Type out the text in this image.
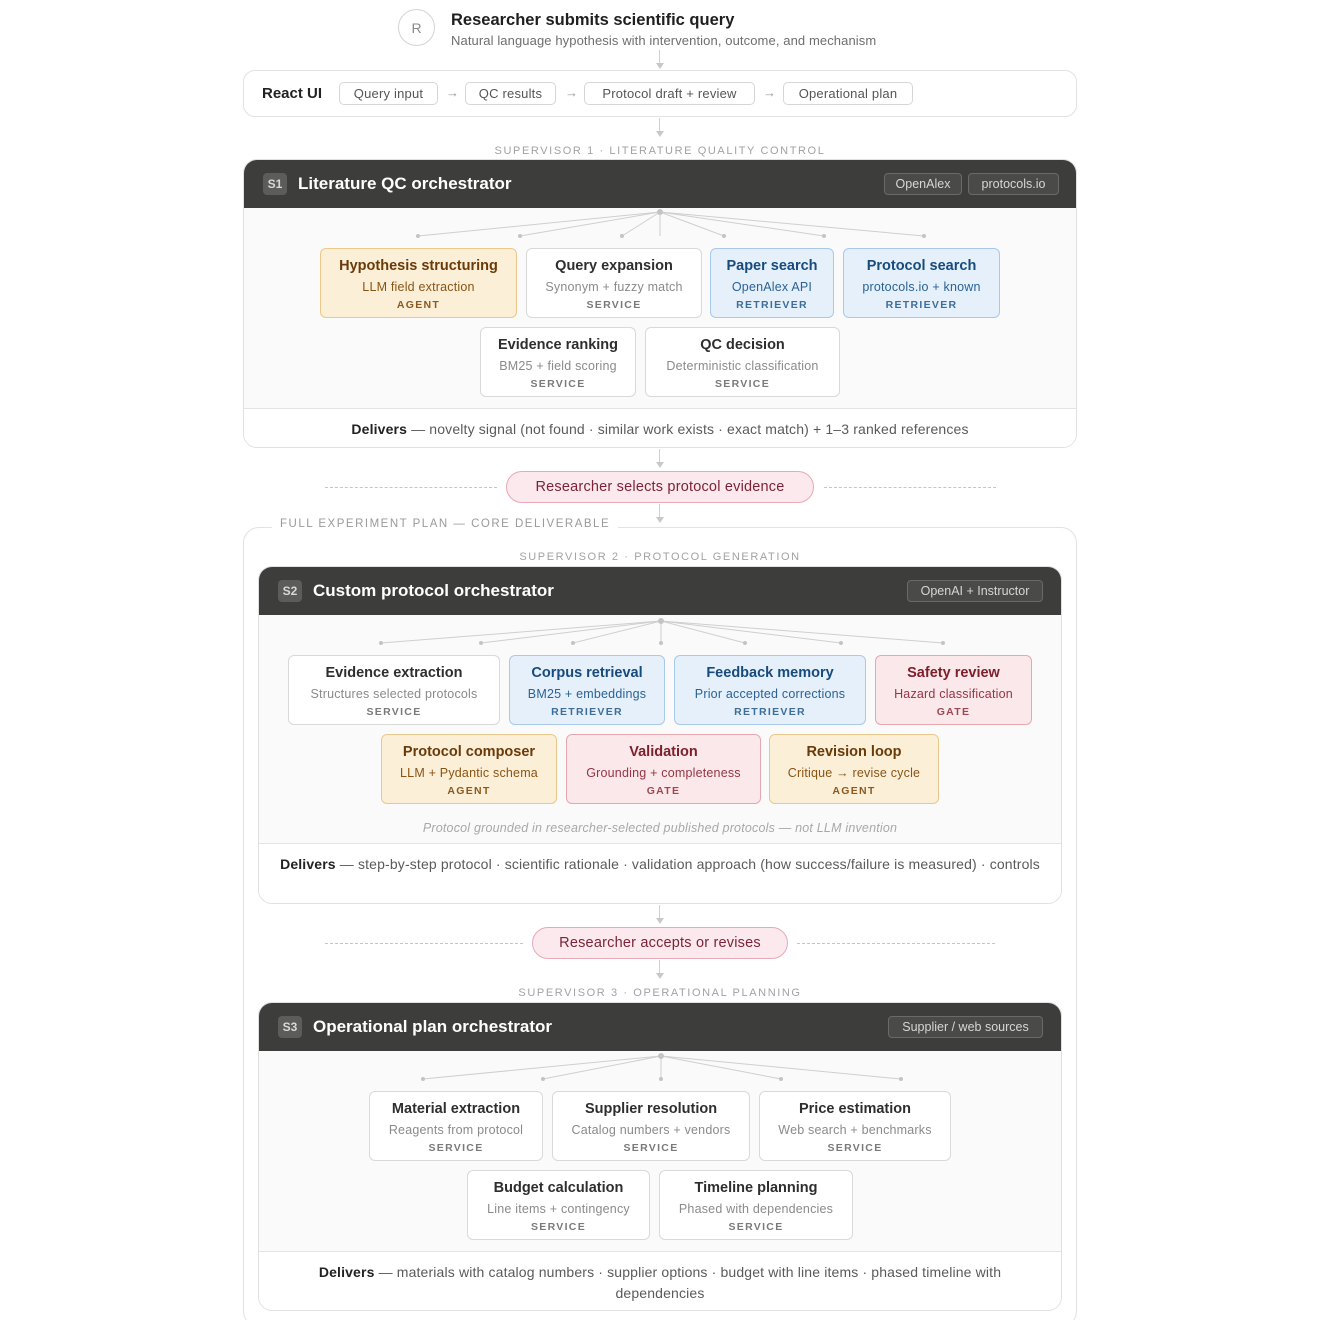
R	Researcher submits scientific query
Natural language hypothesis with intervention, outcome, and mechanism
React UI	Query input	→	QC results	→	Protocol draft + review	→	Operational plan
SUPERVISOR 1 · LITERATURE QUALITY CONTROL
S1 Literature QC orchestrator	OpenAlex	protocols.io
Delivers — novelty signal (not found · similar work exists · exact match) + 1–3 ranked references
Hypothesis structuring
LLM field extraction
AGENT
Query expansion
Synonym + fuzzy match
SERVICE
Paper search
OpenAlex API
RETRIEVER
Protocol search
protocols.io + known
RETRIEVER
Evidence ranking
BM25 + field scoring
SERVICE
QC decision
Deterministic classification
SERVICE
Researcher selects protocol evidence
FULL EXPERIMENT PLAN — CORE DELIVERABLE
SUPERVISOR 2 · PROTOCOL GENERATION
S2 Custom protocol orchestrator	OpenAI + Instructor
Protocol grounded in researcher-selected published protocols — not LLM invention
Delivers — step-by-step protocol · scientific rationale · validation approach (how success/failure is measured) · controls
Evidence extraction
Structures selected protocols
SERVICE
Corpus retrieval
BM25 + embeddings
RETRIEVER
Feedback memory
Prior accepted corrections
RETRIEVER
Safety review
Hazard classification
GATE
Protocol composer
LLM + Pydantic schema
AGENT
Validation
Grounding + completeness
GATE
Revision loop
Critique → revise cycle
AGENT
Researcher accepts or revises
SUPERVISOR 3 · OPERATIONAL PLANNING
S3 Operational plan orchestrator	Supplier / web sources
Delivers — materials with catalog numbers · supplier options · budget with line items · phased timeline with dependencies
Material extraction
Reagents from protocol
SERVICE
Supplier resolution
Catalog numbers + vendors
SERVICE
Price estimation
Web search + benchmarks
SERVICE
Budget calculation
Line items + contingency
SERVICE
Timeline planning
Phased with dependencies
SERVICE
